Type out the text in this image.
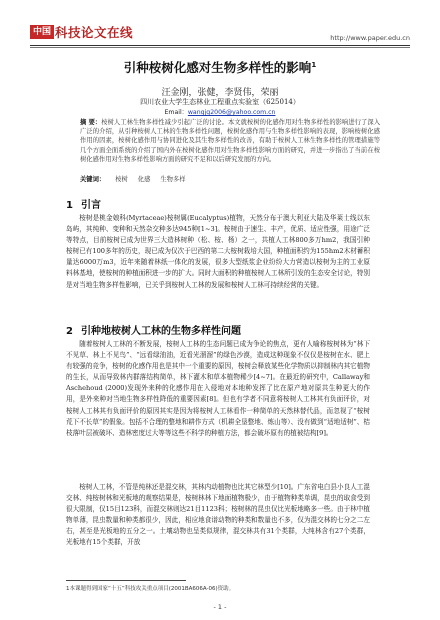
中国 科技论文在线	http://www.paper.edu.cn
引种桉树化感对生物多样性的影响$^1$
汪金刚，张健，李贤伟，荣丽
四川农业大学生态林业工程重点实验室（625014）
Email：wangjg2006@yahoo.com.cn
摘 要：桉树人工林生物多样性减少引起广泛的讨论。本文就桉树的化感作用对生物多样性的影响进行了深入广泛的介绍，从引种桉树人工林的生物多样性问题，桉树化感作用与生物多样性影响的表现，影响桉树化感作用的因素，桉树化感作用与协同进化及其生物多样性的改善，有助于桉树人工林生物多样性的管理措施等几个方面全面系统的介绍了国内外在桉树化感作用对生物多样性影响方面的研究，并进一步指出了当前在桉树化感作用对生物多样性影响方面的研究不足和以后研究发展的方向。
关键词： 桉树 化感 生物多样
1 引言
桉树是桃金娘科(Myrtaceae)桉树属(Eucalyptus)植物，天然分布于澳大利亚大陆及华莱士线以东岛屿，其纯种、变种和天然杂交种多达945种[1~3]。桉树由于速生、丰产，优质、适应性强，用途广泛等特点，目前桉树已成为世界三大造林树种（松、桉、杨）之一，共植人工林800多万hm2，我国引种桉树已有100多年的历史，现已成为仅次于巴西的第二大桉树栽培大国，种植面积约为155hm2木材蓄积量达6000万m3，近年来随着林纸一体化的发展，很多大型纸浆企业纷纷大力营造以桉树为主的工业原料林基地，使桉树的种植面积进一步的扩大。同时大面积的种植桉树人工林所引发的生态安全讨论，特别是对当地生物多样性影响，已关乎到桉树人工林的发展和桉树人工林可持续经营的关键。
2 引种地桉树人工林的生物多样性问题
随着桉树人工林的不断发展，桉树人工林的生态问题已成为争论的焦点，更有人喻称桉树林为“林下不见草、林上不见鸟”、“远看绿油油，近看光溜溜”的绿色沙漠，造成这种现象不仅仅是桉树在水、肥上有较强的竞争，桉树的化感作用也是其中一个重要的原因，桉树会释放某些化学物质以抑制林内其它植物的生长，从而导致林内群落结构简单，林下灌木和草本植物稀少[4~7]。在最近的研究中，Callaway和Aschehoud (2000)发现外来种的化感作用在入侵地对本地种发挥了比在原产地对原共生种更大的作用，是外来种对当地生物多样性降低的重要因素[8]。但也有学者不同意将桉树人工林其有负面评价，对桉树人工林其有负面评价的原因其实是因为将桉树人工林看作一种简单的天然林替代品，而忽视了“桉树荒下不长草”的假象。包括不合理的整地和耕作方式（机耕全垦整地、炼山等）、没有做到“适地适树”、桔枝落叶层被破坏、造林密度过大等等这些不科学的种植方法，都会破坏原有的植被结构[9]。
桉树人工林，不管是纯林还是混交林，其林内动植物也比其它林型少[10]。广东省电白县小良人工混交林、纯桉树林和光板地的观察结果是，桉树林林下地面植物极少，由于植物种类单调，昆虫的取食受到很大限制，仅15目123科，而混交林则达21目1123科；桉树林的昆虫仅比光板地略多一些。由于林中植物单薄，昆虫数量和种类都很少，因此，相应地食谱动物的种类和数量也不多，仅为混交林的七分之二左右，甚至是光板地的五分之一。土壤动物也呈类似规律，混交林共有31个类群，大纯林含有27个类群，光板地有15个类群，开放
1本课题得到国家“十五”科技攻关重点项目(2001BA606A-06)资助。
- 1 -
